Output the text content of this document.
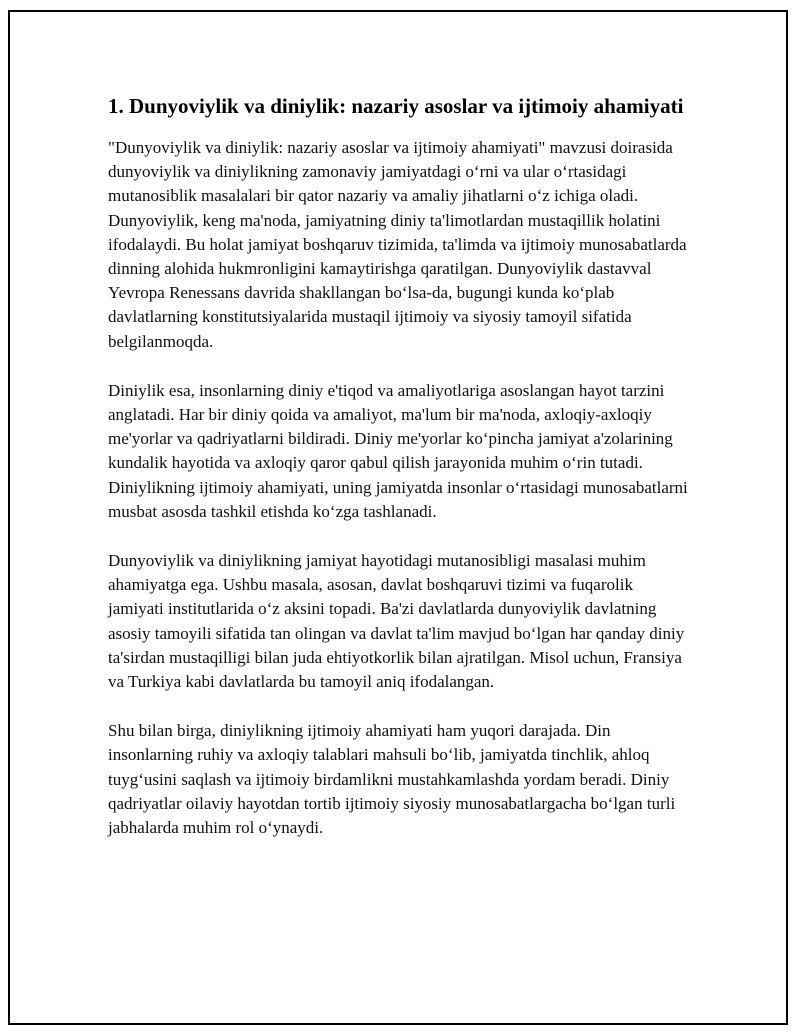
1. Dunyoviylik va diniylik: nazariy asoslar va ijtimoiy ahamiyati

"Dunyoviylik va diniylik: nazariy asoslar va ijtimoiy ahamiyati" mavzusi doirasida dunyoviylik va diniylikning zamonaviy jamiyatdagi o‘rni va ular o‘rtasidagi mutanosiblik masalalari bir qator nazariy va amaliy jihatlarni o‘z ichiga oladi. Dunyoviylik, keng ma'noda, jamiyatning diniy ta'limotlardan mustaqillik holatini ifodalaydi. Bu holat jamiyat boshqaruv tizimida, ta'limda va ijtimoiy munosabatlarda dinning alohida hukmronligini kamaytirishga qaratilgan. Dunyoviylik dastavval Yevropa Renessans davrida shakllangan bo‘lsa-da, bugungi kunda ko‘plab davlatlarning konstitutsiyalarida mustaqil ijtimoiy va siyosiy tamoyil sifatida belgilanmoqda.

Diniylik esa, insonlarning diniy e'tiqod va amaliyotlariga asoslangan hayot tarzini anglatadi. Har bir diniy qoida va amaliyot, ma'lum bir ma'noda, axloqiy-axloqiy me'yorlar va qadriyatlarni bildiradi. Diniy me'yorlar ko‘pincha jamiyat a'zolarining kundalik hayotida va axloqiy qaror qabul qilish jarayonida muhim o‘rin tutadi. Diniylikning ijtimoiy ahamiyati, uning jamiyatda insonlar o‘rtasidagi munosabatlarni musbat asosda tashkil etishda ko‘zga tashlanadi.

Dunyoviylik va diniylikning jamiyat hayotidagi mutanosibligi masalasi muhim ahamiyatga ega. Ushbu masala, asosan, davlat boshqaruvi tizimi va fuqarolik jamiyati institutlarida o‘z aksini topadi. Ba'zi davlatlarda dunyoviylik davlatning asosiy tamoyili sifatida tan olingan va davlat ta'lim mavjud bo‘lgan har qanday diniy ta'sirdan mustaqilligi bilan juda ehtiyotkorlik bilan ajratilgan. Misol uchun, Fransiya va Turkiya kabi davlatlarda bu tamoyil aniq ifodalangan.

Shu bilan birga, diniylikning ijtimoiy ahamiyati ham yuqori darajada. Din insonlarning ruhiy va axloqiy talablari mahsuli bo‘lib, jamiyatda tinchlik, ahloq tuyg‘usini saqlash va ijtimoiy birdamlikni mustahkamlashda yordam beradi. Diniy qadriyatlar oilaviy hayotdan tortib ijtimoiy siyosiy munosabatlargacha bo‘lgan turli jabhalarda muhim rol o‘ynaydi.
